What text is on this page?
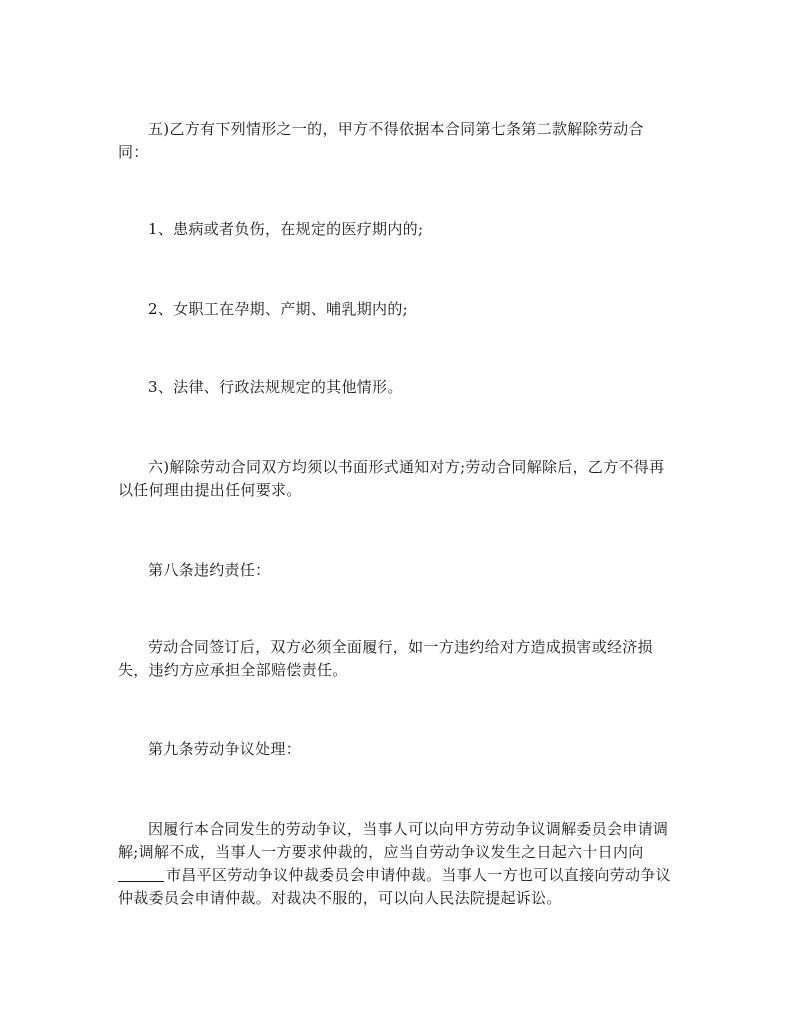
五)乙方有下列情形之一的，甲方不得依据本合同第七条第二款解除劳动合
同：
1、患病或者负伤，在规定的医疗期内的;
2、女职工在孕期、产期、哺乳期内的;
3、法律、行政法规规定的其他情形。
六)解除劳动合同双方均须以书面形式通知对方;劳动合同解除后，乙方不得再
以任何理由提出任何要求。
第八条违约责任：
劳动合同签订后，双方必须全面履行，如一方违约给对方造成损害或经济损
失，违约方应承担全部赔偿责任。
第九条劳动争议处理：
因履行本合同发生的劳动争议，当事人可以向甲方劳动争议调解委员会申请调
解;调解不成，当事人一方要求仲裁的，应当自劳动争议发生之日起六十日内向
市昌平区劳动争议仲裁委员会申请仲裁。当事人一方也可以直接向劳动争议
仲裁委员会申请仲裁。对裁决不服的，可以向人民法院提起诉讼。
